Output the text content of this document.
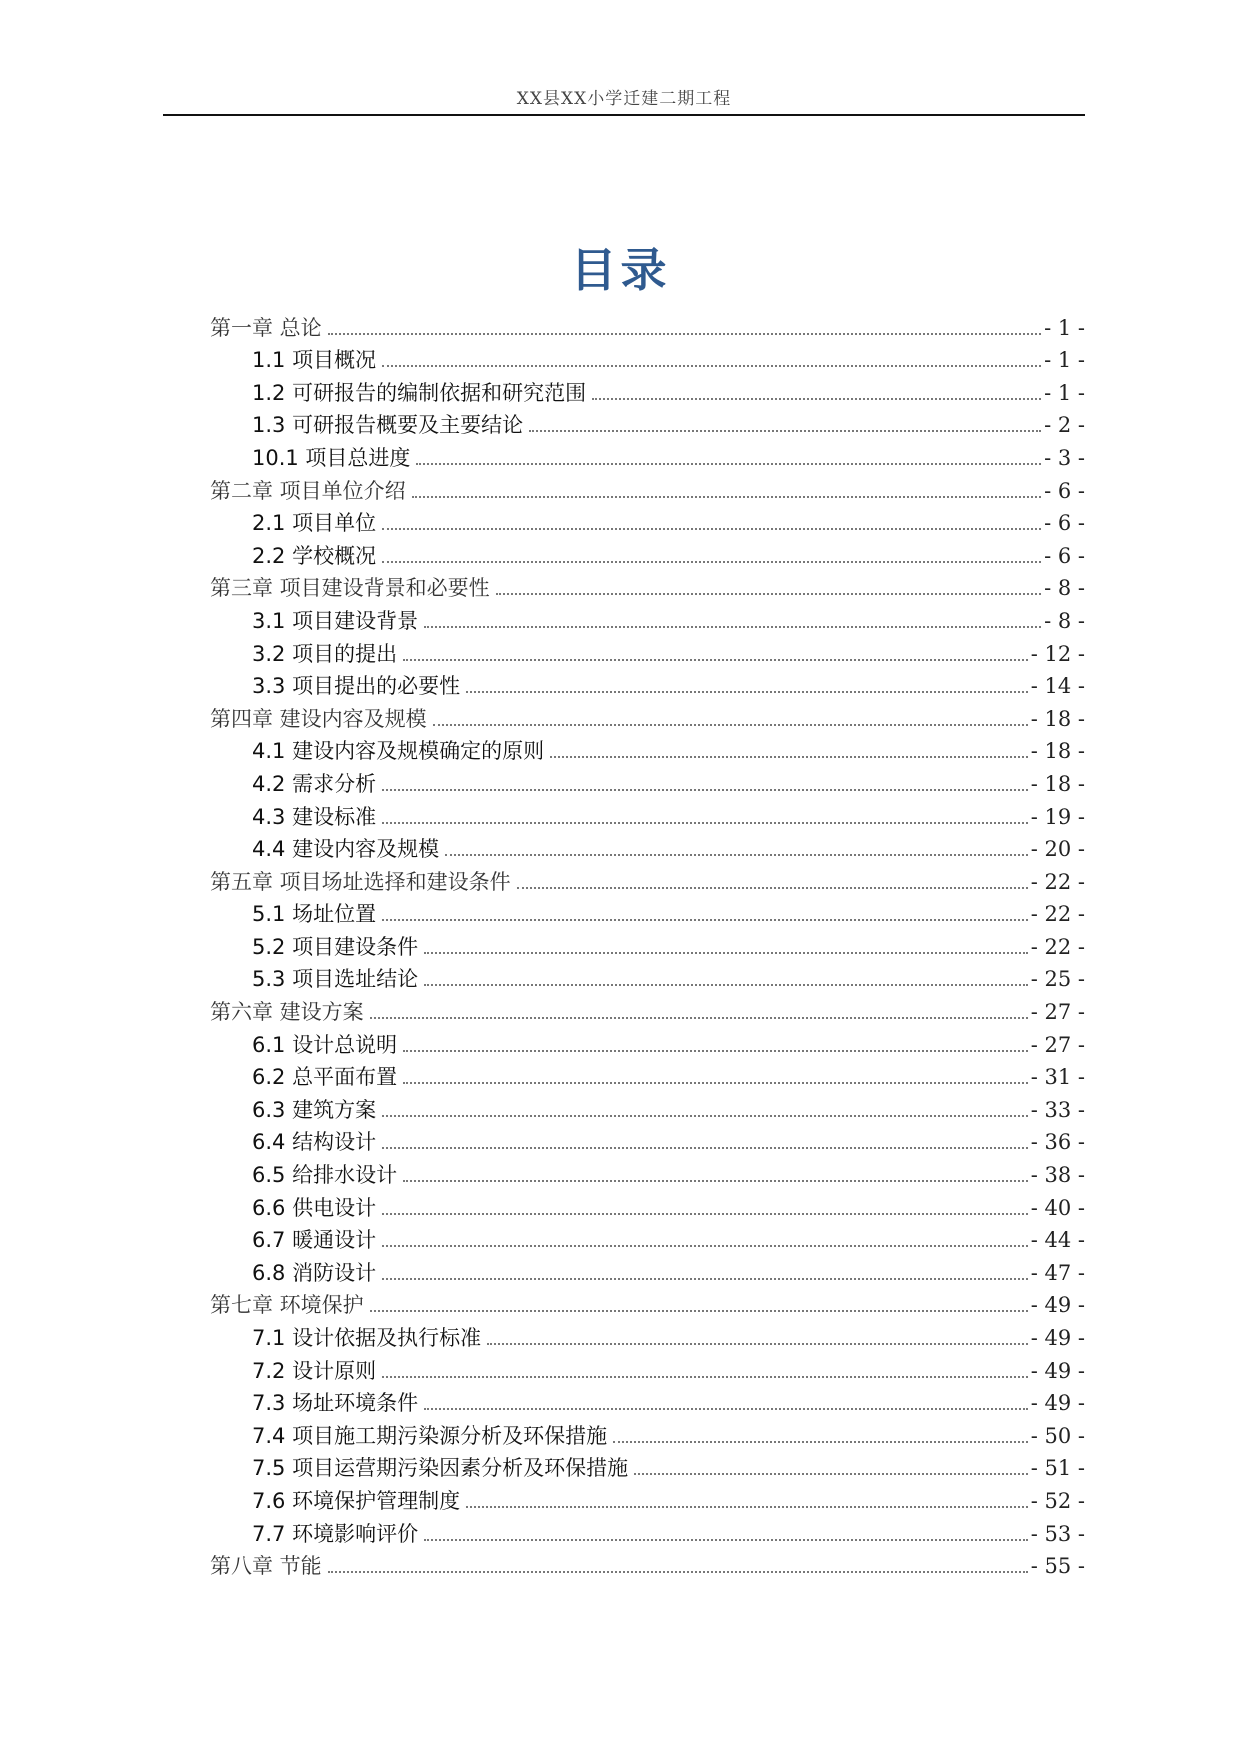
XX县XX小学迁建二期工程
目录
第一章 总论	- 1 -
1.1 项目概况	- 1 -
1.2 可研报告的编制依据和研究范围	- 1 -
1.3 可研报告概要及主要结论	- 2 -
10.1 项目总进度	- 3 -
第二章 项目单位介绍	- 6 -
2.1 项目单位	- 6 -
2.2 学校概况	- 6 -
第三章 项目建设背景和必要性	- 8 -
3.1 项目建设背景	- 8 -
3.2 项目的提出	- 12 -
3.3 项目提出的必要性	- 14 -
第四章 建设内容及规模	- 18 -
4.1 建设内容及规模确定的原则	- 18 -
4.2 需求分析	- 18 -
4.3 建设标准	- 19 -
4.4 建设内容及规模	- 20 -
第五章 项目场址选择和建设条件	- 22 -
5.1 场址位置	- 22 -
5.2 项目建设条件	- 22 -
5.3 项目选址结论	- 25 -
第六章 建设方案	- 27 -
6.1 设计总说明	- 27 -
6.2 总平面布置	- 31 -
6.3 建筑方案	- 33 -
6.4 结构设计	- 36 -
6.5 给排水设计	- 38 -
6.6 供电设计	- 40 -
6.7 暖通设计	- 44 -
6.8 消防设计	- 47 -
第七章 环境保护	- 49 -
7.1 设计依据及执行标准	- 49 -
7.2 设计原则	- 49 -
7.3 场址环境条件	- 49 -
7.4 项目施工期污染源分析及环保措施	- 50 -
7.5 项目运营期污染因素分析及环保措施	- 51 -
7.6 环境保护管理制度	- 52 -
7.7 环境影响评价	- 53 -
第八章 节能	- 55 -
